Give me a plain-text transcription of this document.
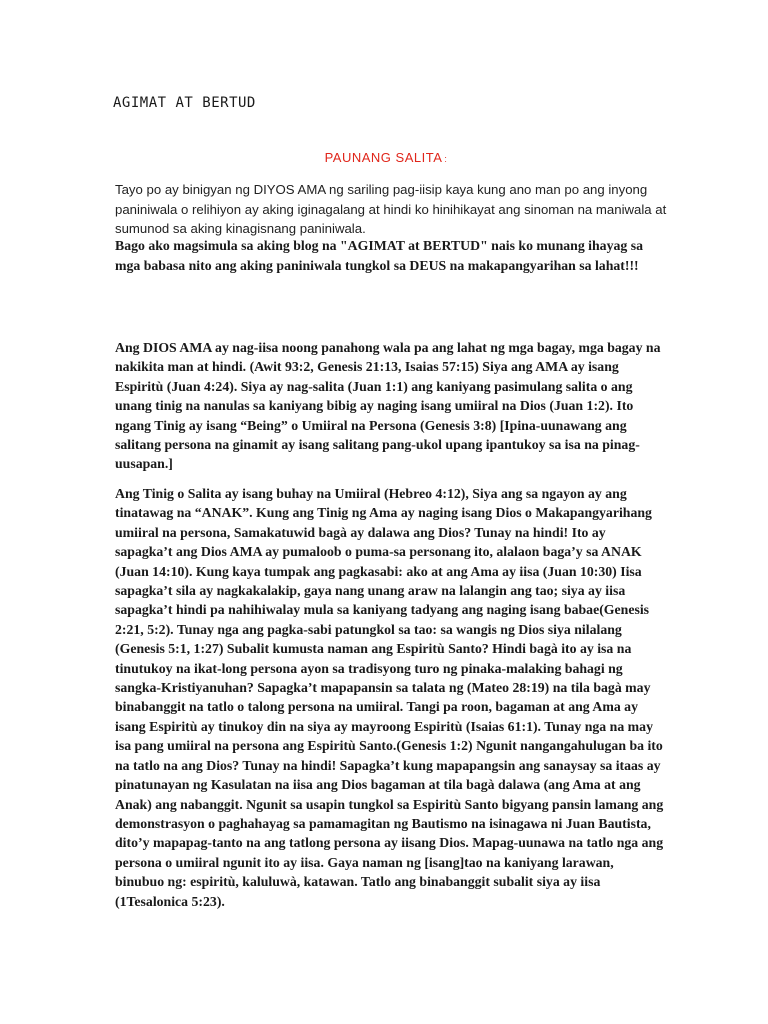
AGIMAT AT BERTUD
PAUNANG SALITA :
Tayo po ay binigyan ng DIYOS AMA ng sariling pag-iisip kaya kung ano man po ang inyong paniniwala o relihiyon ay aking iginagalang at hindi ko hinihikayat ang sinoman na maniwala at sumunod sa aking kinagisnang paniniwala.
Bago ako magsimula sa aking blog na "AGIMAT at BERTUD" nais ko munang ihayag sa mga babasa nito ang aking paniniwala tungkol sa DEUS na makapangyarihan sa lahat!!!

Ang DIOS AMA ay nag-iisa noong panahong wala pa ang lahat ng mga bagay, mga bagay na nakikita man at hindi. (Awit 93:2, Genesis 21:13, Isaias 57:15) Siya ang AMA ay isang Espiritù (Juan 4:24). Siya ay nag-salita (Juan 1:1) ang kaniyang pasimulang salita o ang unang tinig na nanulas sa kaniyang bibig ay naging isang umiiral na Dios (Juan 1:2). Ito ngang Tinig ay isang “Being” o Umiiral na Persona (Genesis 3:8) [Ipina-uunawang ang salitang persona na ginamit ay isang salitang pang-ukol upang ipantukoy sa isa na pinag-uusapan.]

Ang Tinig o Salita ay isang buhay na Umiiral (Hebreo 4:12), Siya ang sa ngayon ay ang tinatawag na “ANAK”. Kung ang Tinig ng Ama ay naging isang Dios o Makapangyarihang umiiral na persona, Samakatuwid bagà ay dalawa ang Dios? Tunay na hindi! Ito ay sapagka’t ang Dios AMA ay pumaloob o puma-sa personang ito, alalaon baga’y sa ANAK (Juan 14:10). Kung kaya tumpak ang pagkasabi: ako at ang Ama ay iisa (Juan 10:30) Iisa sapagka’t sila ay nagkakalakip, gaya nang unang araw na lalangin ang tao; siya ay iisa sapagka’t hindi pa nahihiwalay mula sa kaniyang tadyang ang naging isang babae(Genesis 2:21, 5:2). Tunay nga ang pagka-sabi patungkol sa tao: sa wangis ng Dios siya nilalang (Genesis 5:1, 1:27) Subalit kumusta naman ang Espiritù Santo? Hindi bagà ito ay isa na tinutukoy na ikat-long persona ayon sa tradisyong turo ng pinaka-malaking bahagi ng sangka-Kristiyanuhan? Sapagka’t mapapansin sa talata ng (Mateo 28:19) na tila bagà may binabanggit na tatlo o talong persona na umiiral. Tangi pa roon, bagaman at ang Ama ay isang Espiritù ay tinukoy din na siya ay mayroong Espiritù (Isaias 61:1). Tunay nga na may isa pang umiiral na persona ang Espiritù Santo.(Genesis 1:2) Ngunit nangangahulugan ba ito na tatlo na ang Dios? Tunay na hindi! Sapagka’t kung mapapangsin ang sanaysay sa itaas ay pinatunayan ng Kasulatan na iisa ang Dios bagaman at tila bagà dalawa (ang Ama at ang Anak) ang nabanggit. Ngunit sa usapin tungkol sa Espiritù Santo bigyang pansin lamang ang demonstrasyon o paghahayag sa pamamagitan ng Bautismo na isinagawa ni Juan Bautista, dito’y mapapag-tanto na ang tatlong persona ay iisang Dios. Mapag-uunawa na tatlo nga ang persona o umiiral ngunit ito ay iisa. Gaya naman ng [isang]tao na kaniyang larawan, binubuo ng: espiritù, kaluluwà, katawan. Tatlo ang binabanggit subalit siya ay iisa (1Tesalonica 5:23).
